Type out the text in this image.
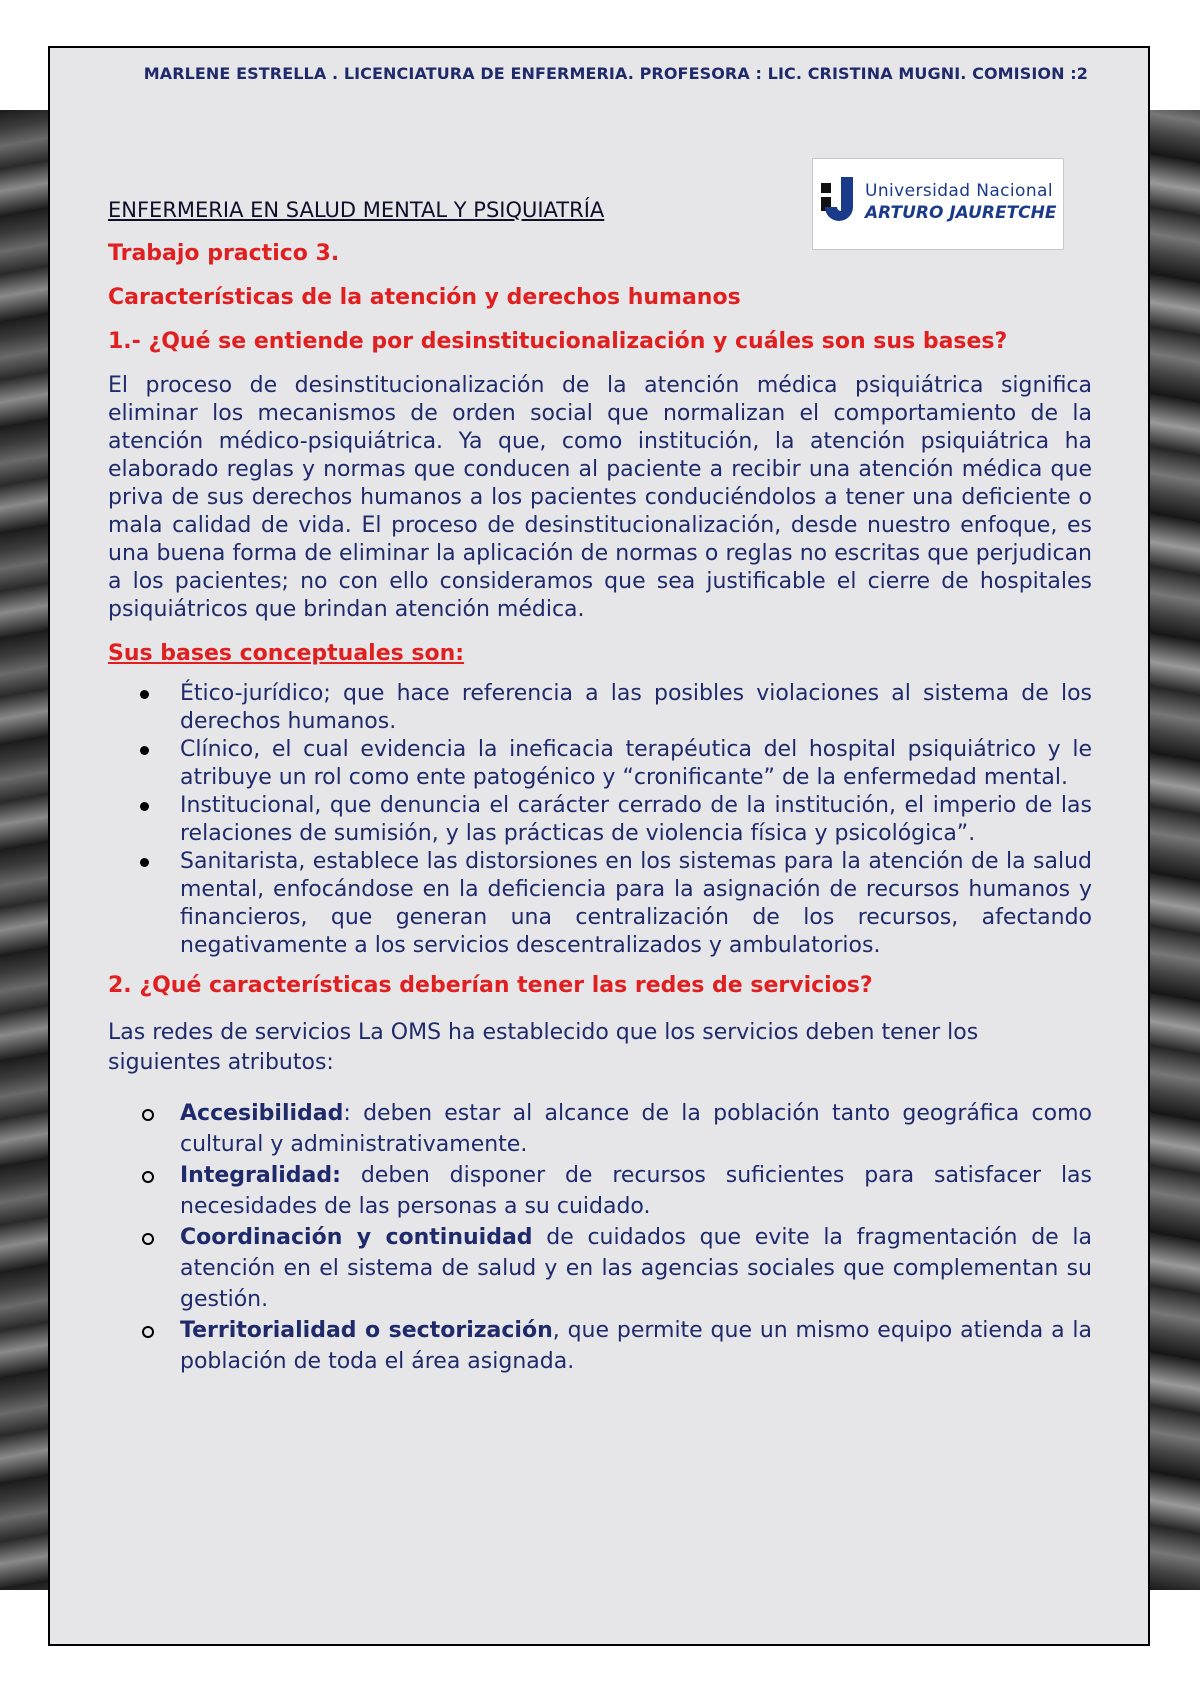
MARLENE ESTRELLA . LICENCIATURA DE ENFERMERIA. PROFESORA : LIC. CRISTINA MUGNI. COMISION :2
Universidad Nacional
ARTURO JAURETCHE

ENFERMERIA EN SALUD MENTAL Y PSIQUIATRÍA

Trabajo practico 3.

Características de la atención y derechos humanos

1.- ¿Qué se entiende por desinstitucionalización y cuáles son sus bases?

El proceso de desinstitucionalización de la atención médica psiquiátrica significa eliminar los mecanismos de orden social que normalizan el comportamiento de la atención médico-psiquiátrica. Ya que, como institución, la atención psiquiátrica ha elaborado reglas y normas que conducen al paciente a recibir una atención médica que priva de sus derechos humanos a los pacientes conduciéndolos a tener una deficiente o mala calidad de vida. El proceso de desinstitucionalización, desde nuestro enfoque, es una buena forma de eliminar la aplicación de normas o reglas no escritas que perjudican a los pacientes; no con ello consideramos que sea justificable el cierre de hospitales psiquiátricos que brindan atención médica.

Sus bases conceptuales son:

Ético-jurídico; que hace referencia a las posibles violaciones al sistema de los derechos humanos.
Clínico, el cual evidencia la ineficacia terapéutica del hospital psiquiátrico y le atribuye un rol como ente patogénico y “cronificante” de la enfermedad mental.
Institucional, que denuncia el carácter cerrado de la institución, el imperio de las relaciones de sumisión, y las prácticas de violencia física y psicológica”.
Sanitarista, establece las distorsiones en los sistemas para la atención de la salud mental, enfocándose en la deficiencia para la asignación de recursos humanos y financieros, que generan una centralización de los recursos, afectando negativamente a los servicios descentralizados y ambulatorios.

2. ¿Qué características deberían tener las redes de servicios?

Las redes de servicios La OMS ha establecido que los servicios deben tener los siguientes atributos:

Accesibilidad: deben estar al alcance de la población tanto geográfica como cultural y administrativamente.
Integralidad: deben disponer de recursos suficientes para satisfacer las necesidades de las personas a su cuidado.
Coordinación y continuidad de cuidados que evite la fragmentación de la atención en el sistema de salud y en las agencias sociales que complementan su gestión.
Territorialidad o sectorización, que permite que un mismo equipo atienda a la población de toda el área asignada.
